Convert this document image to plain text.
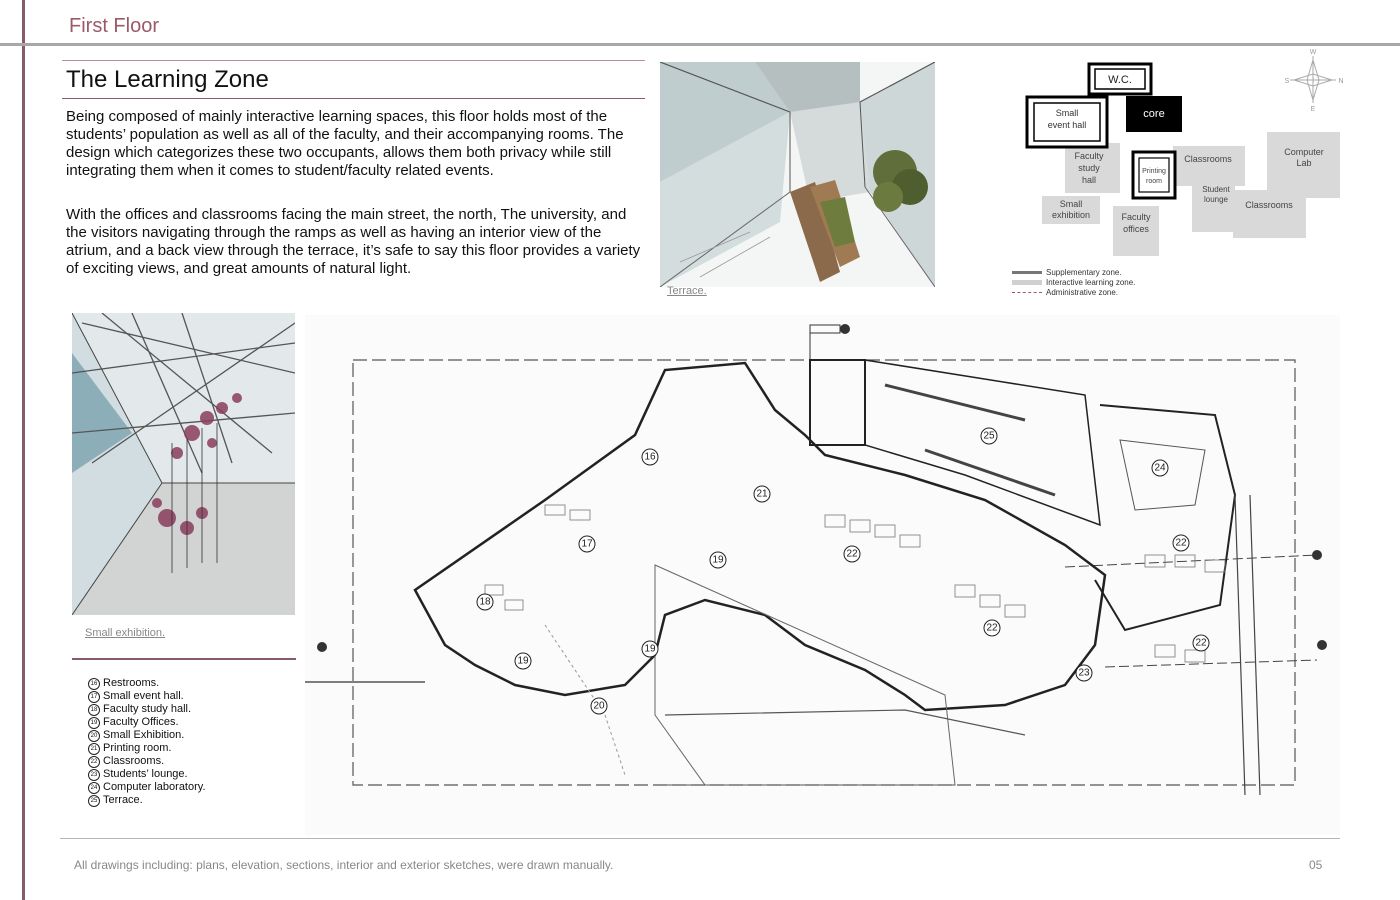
First Floor
The Learning Zone
Being composed of mainly interactive learning spaces, this floor holds most of the students’ population as well as all of the faculty, and their accompanying rooms. The design which categorizes these two occupants, allows them both privacy while still integrating them when it comes to student/faculty related events.
With the offices and classrooms facing the main street, the north, The university, and the visitors navigating through the ramps as well as having an interior view of the atrium, and a back view through the terrace, it’s safe to say this floor provides a variety of exciting views, and great amounts of natural light.
Terrace.
Small exhibition.
16 Restrooms.
17 Small event hall.
18 Faculty study hall.
19 Faculty Offices.
20 Small Exhibition.
21 Printing room.
22 Classrooms.
23 Students’ lounge.
24 Computer laboratory.
25 Terrace.
W
N
S
E
W.C.
core
Small
event hall
Faculty
study
hall
Printing
room
Classrooms
Computer
Lab
Student
lounge
Classrooms
Small
exhibition	Faculty
offices
Supplementary zone.
Interactive learning zone.
Administrative zone.
16
17
18
19
19
19
20
21
22
22
22
22
23
24
25
All drawings including: plans, elevation, sections, interior and exterior sketches, were drawn manually.	05
